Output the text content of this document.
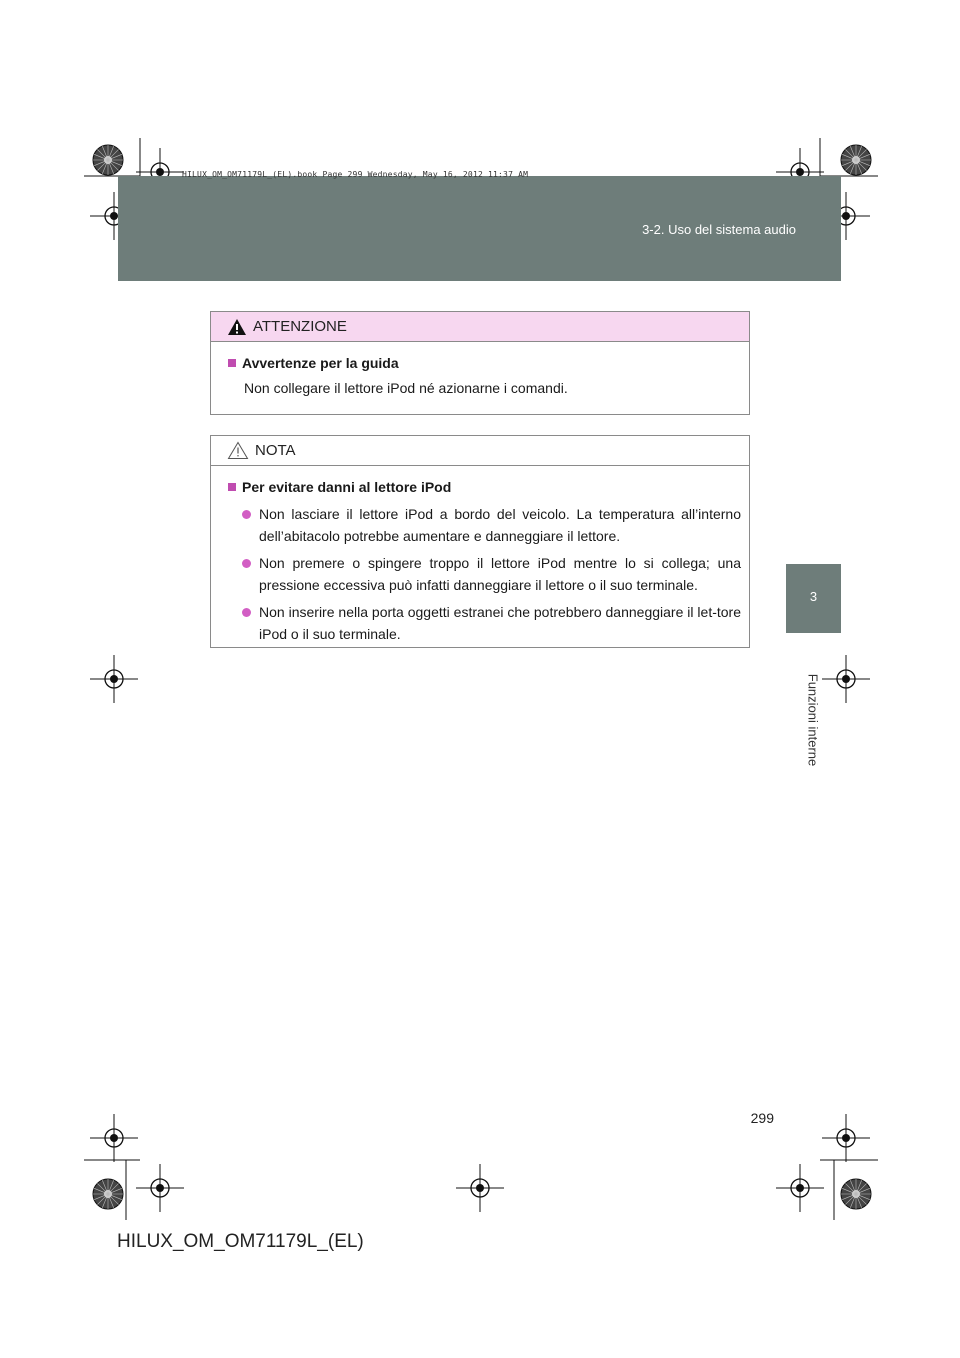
HILUX_OM_OM71179L_(EL).book Page 299 Wednesday, May 16, 2012 11:37 AM
3-2. Uso del sistema audio
3
Funzioni interne
ATTENZIONE
Avvertenze per la guida
Non collegare il lettore iPod né azionarne i comandi.
NOTA
Per evitare danni al lettore iPod
Non lasciare il lettore iPod a bordo del veicolo. La temperatura all’interno dell’abitacolo potrebbe aumentare e danneggiare il lettore.
Non premere o spingere troppo il lettore iPod mentre lo si collega; una pressione eccessiva può infatti danneggiare il lettore o il suo terminale.
Non inserire nella porta oggetti estranei che potrebbero danneggiare il let-tore iPod o il suo terminale.
299
HILUX_OM_OM71179L_(EL)
